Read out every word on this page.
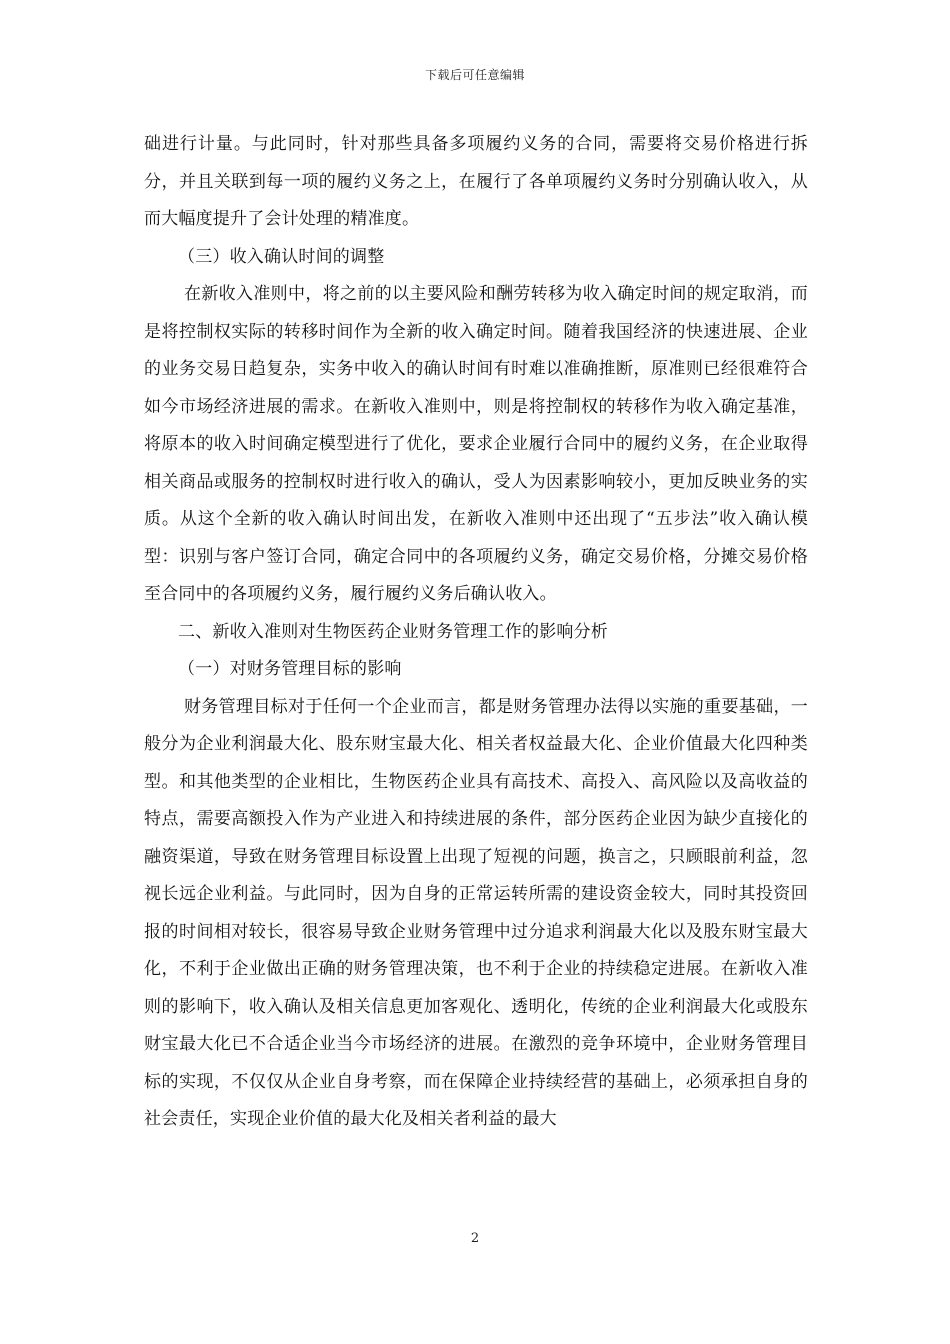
下载后可任意编辑

础进行计量。与此同时，针对那些具备多项履约义务的合同，需要将交易价格进行拆分，并且关联到每一项的履约义务之上，在履行了各单项履约义务时分别确认收入，从而大幅度提升了会计处理的精准度。

（三）收入确认时间的调整

在新收入准则中，将之前的以主要风险和酬劳转移为收入确定时间的规定取消，而是将控制权实际的转移时间作为全新的收入确定时间。随着我国经济的快速进展、企业的业务交易日趋复杂，实务中收入的确认时间有时难以准确推断，原准则已经很难符合如今市场经济进展的需求。在新收入准则中，则是将控制权的转移作为收入确定基准，将原本的收入时间确定模型进行了优化，要求企业履行合同中的履约义务，在企业取得相关商品或服务的控制权时进行收入的确认，受人为因素影响较小，更加反映业务的实质。从这个全新的收入确认时间出发，在新收入准则中还出现了“五步法”收入确认模型：识别与客户签订合同，确定合同中的各项履约义务，确定交易价格，分摊交易价格至合同中的各项履约义务，履行履约义务后确认收入。

二、新收入准则对生物医药企业财务管理工作的影响分析

（一）对财务管理目标的影响

财务管理目标对于任何一个企业而言，都是财务管理办法得以实施的重要基础，一般分为企业利润最大化、股东财宝最大化、相关者权益最大化、企业价值最大化四种类型。和其他类型的企业相比，生物医药企业具有高技术、高投入、高风险以及高收益的特点，需要高额投入作为产业进入和持续进展的条件，部分医药企业因为缺少直接化的融资渠道，导致在财务管理目标设置上出现了短视的问题，换言之，只顾眼前利益，忽视长远企业利益。与此同时，因为自身的正常运转所需的建设资金较大，同时其投资回报的时间相对较长，很容易导致企业财务管理中过分追求利润最大化以及股东财宝最大化，不利于企业做出正确的财务管理决策，也不利于企业的持续稳定进展。在新收入准则的影响下，收入确认及相关信息更加客观化、透明化，传统的企业利润最大化或股东财宝最大化已不合适企业当今市场经济的进展。在激烈的竞争环境中，企业财务管理目标的实现，不仅仅从企业自身考察，而在保障企业持续经营的基础上，必须承担自身的社会责任，实现企业价值的最大化及相关者利益的最大

2
